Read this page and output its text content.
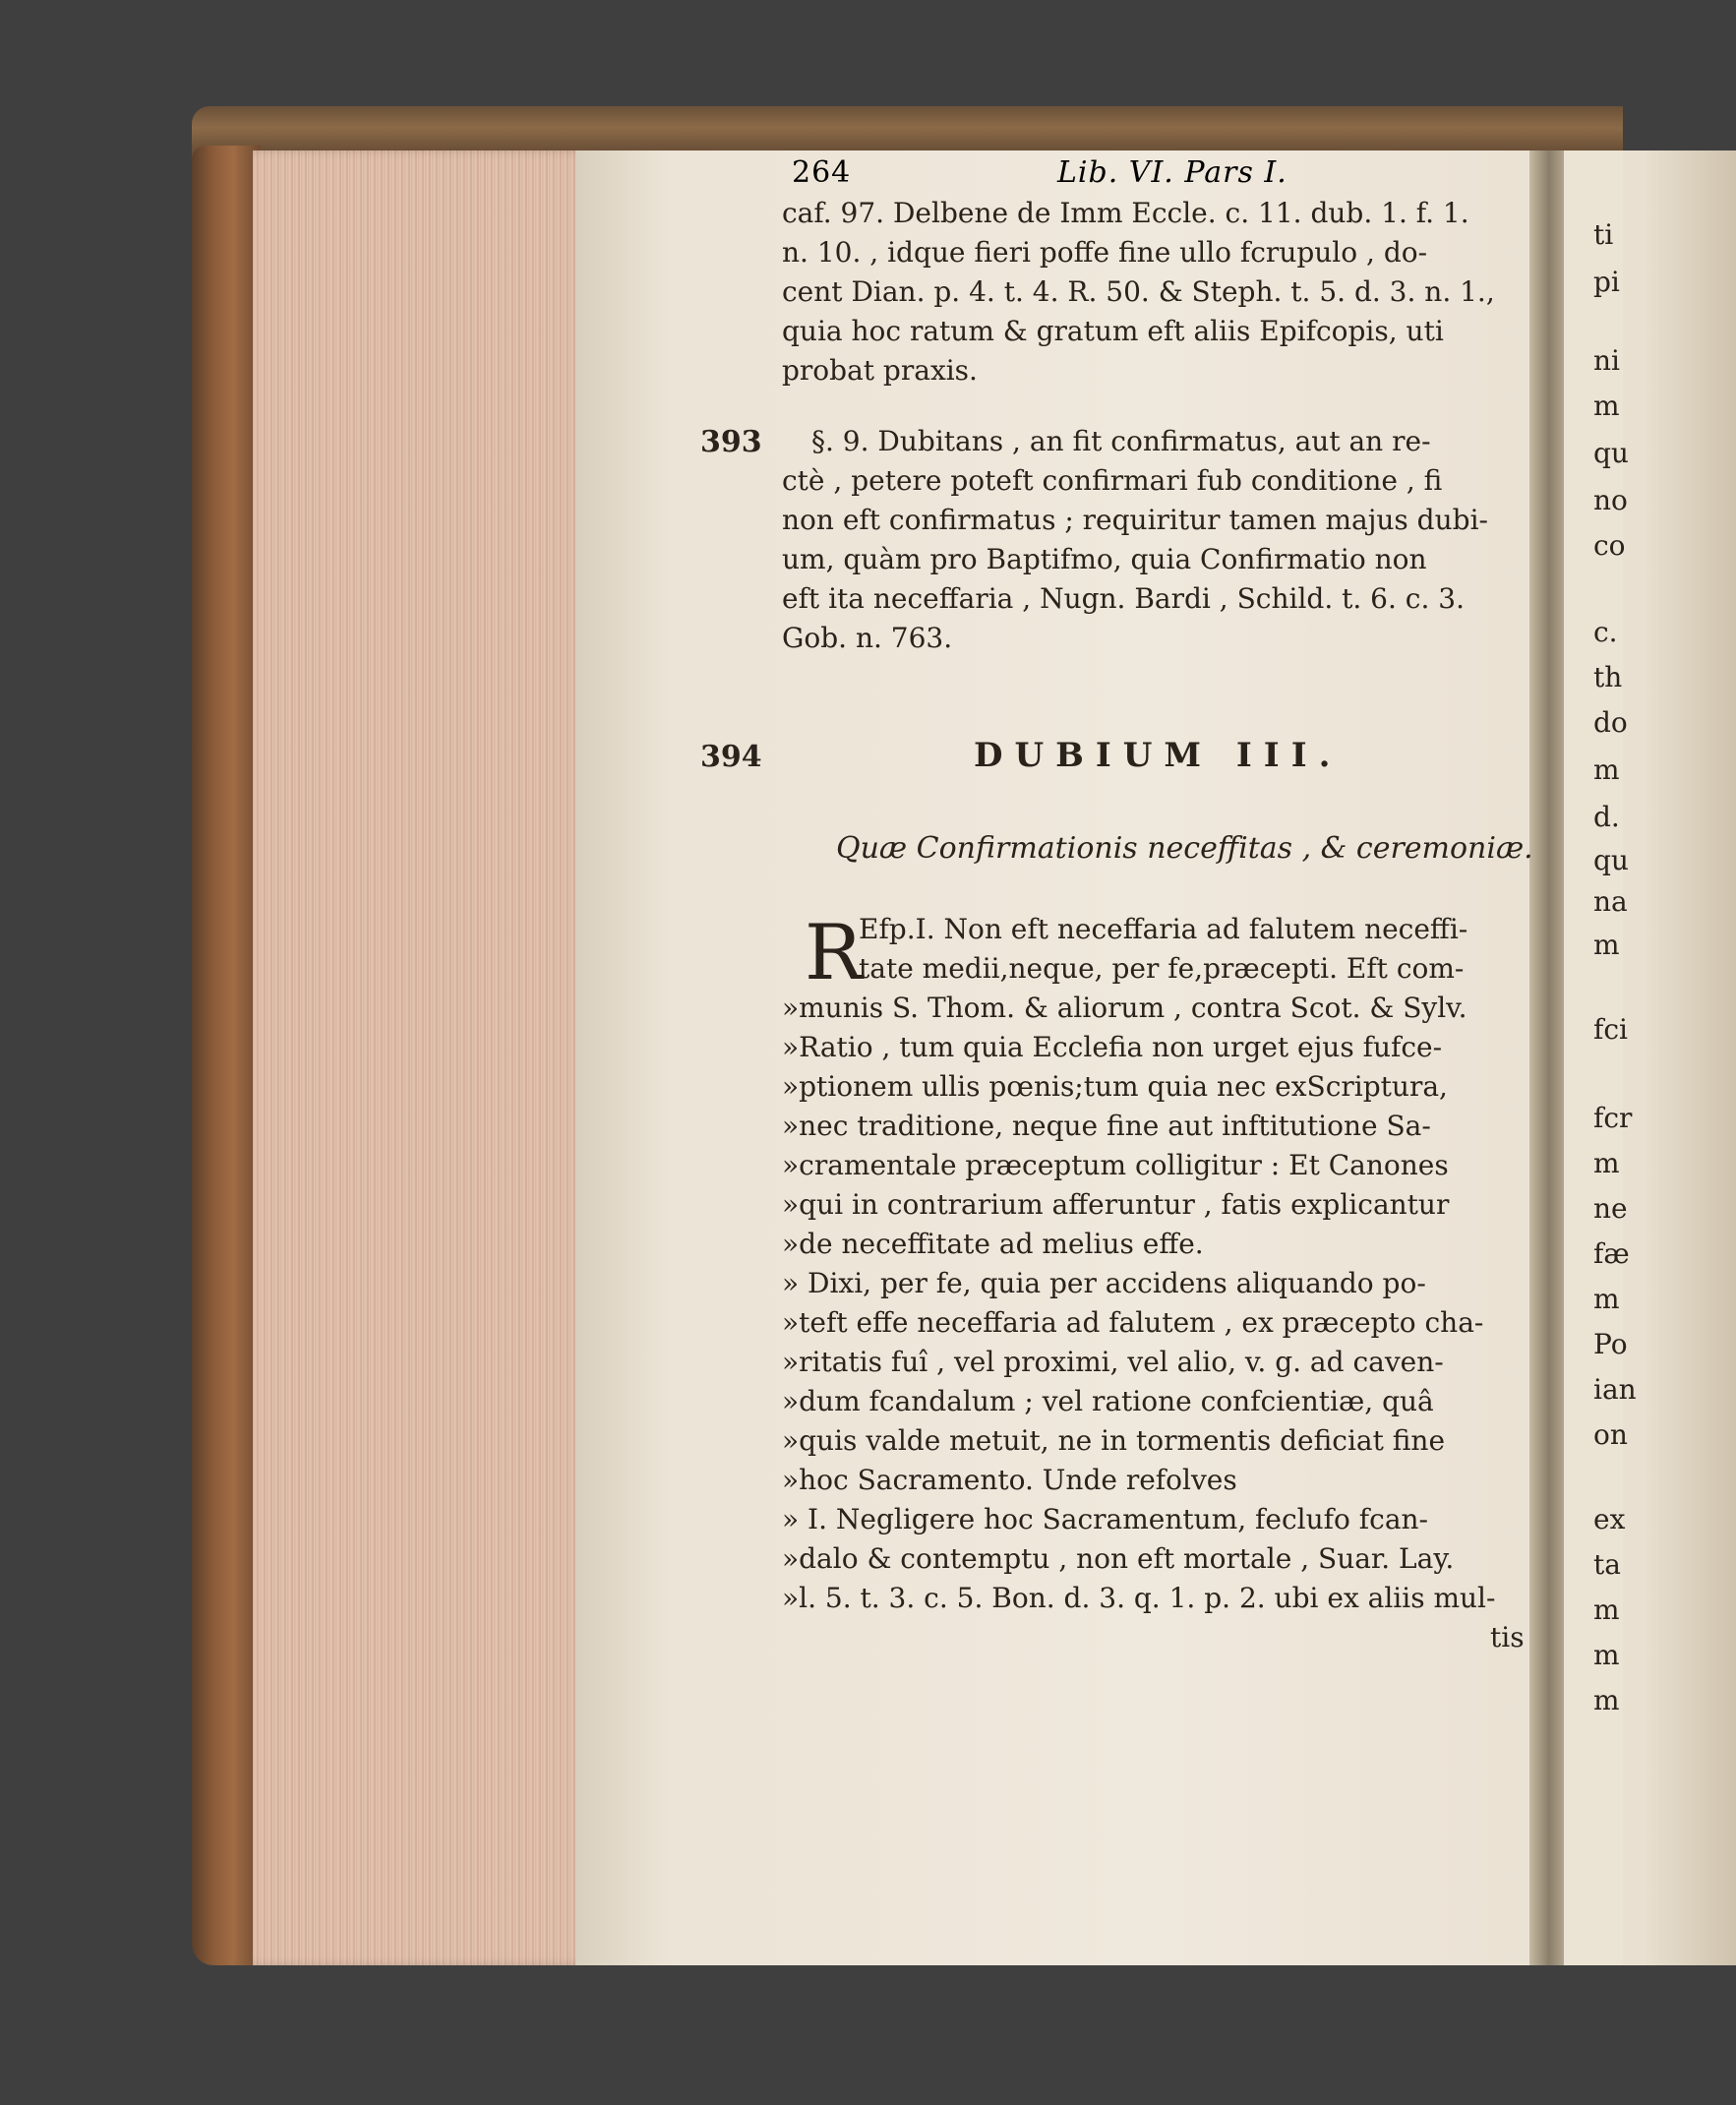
264	Lib. VI. Pars I.
caf. 97. Delbene de Imm Eccle. c. 11. dub. 1. f. 1.
n. 10. , idque fieri poffe fine ullo fcrupulo , do-
cent Dian. p. 4. t. 4. R. 50. & Steph. t. 5. d. 3. n. 1.,
quia hoc ratum & gratum eft aliis Epifcopis, uti
probat praxis.
393	§. 9. Dubitans , an fit confirmatus, aut an re-
ctè , petere poteft confirmari fub conditione , fi
non eft confirmatus ; requiritur tamen majus dubi-
um, quàm pro Baptifmo, quia Confirmatio non
eft ita neceffaria , Nugn. Bardi , Schild. t. 6. c. 3.
Gob. n. 763.
394	DUBIUM III.
Quæ Confirmationis neceffitas , & ceremoniæ.
R
Efp.I. Non eft neceffaria ad falutem neceffi-
tate medii,neque, per fe,præcepti. Eft com-
»munis S. Thom. & aliorum , contra Scot. & Sylv.
»Ratio , tum quia Ecclefia non urget ejus fufce-
»ptionem ullis pœnis;tum quia nec exScriptura,
»nec traditione, neque fine aut inftitutione Sa-
»cramentale præceptum colligitur : Et Canones
»qui in contrarium afferuntur , fatis explicantur
»de neceffitate ad melius effe.
» Dixi, per fe, quia per accidens aliquando po-
»teft effe neceffaria ad falutem , ex præcepto cha-
»ritatis fuî , vel proximi, vel alio, v. g. ad caven-
»dum fcandalum ; vel ratione confcientiæ, quâ
»quis valde metuit, ne in tormentis deficiat fine
»hoc Sacramento. Unde refolves
» I. Negligere hoc Sacramentum, feclufo fcan-
»dalo & contemptu , non eft mortale , Suar. Lay.
»l. 5. t. 3. c. 5. Bon. d. 3. q. 1. p. 2. ubi ex aliis mul-
tis
ti
pi
ni
m
qu
no
co
c.
th
do
m
d.
qu
na
m
fci
fcr
m
ne
fæ
m
Po
ian
on
ex
ta
m
m
m
